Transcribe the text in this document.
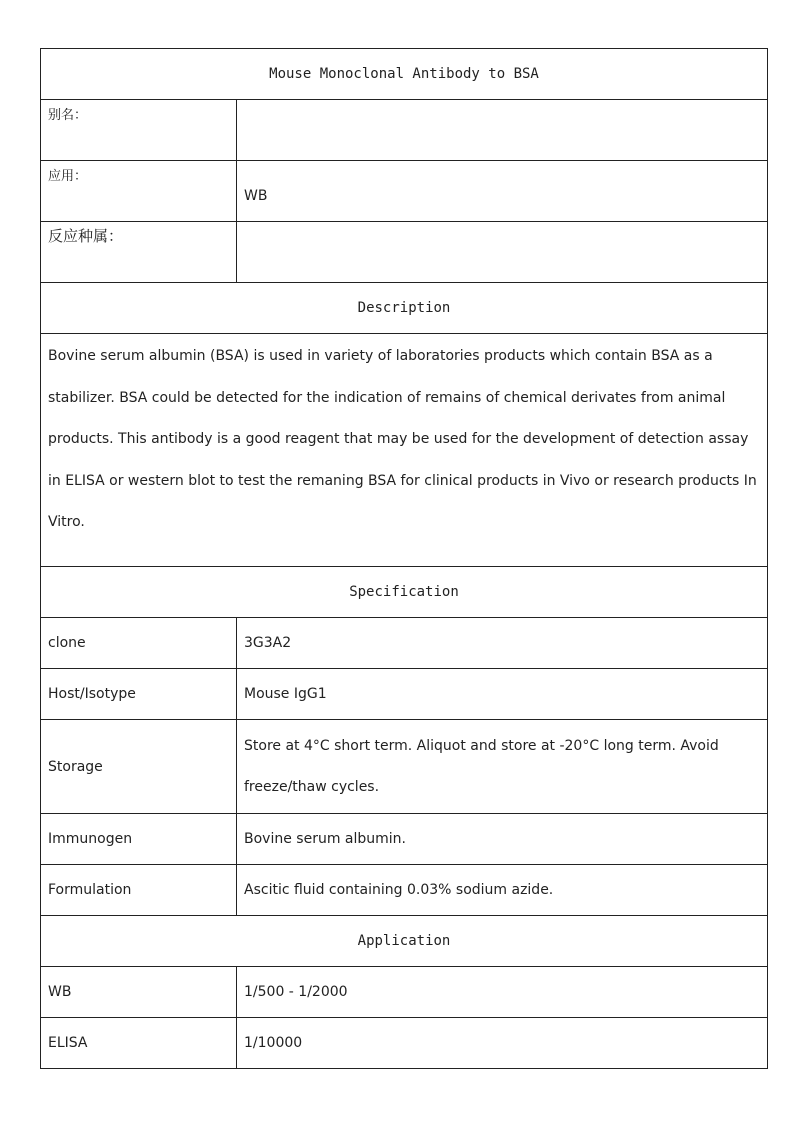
Mouse Monoclonal Antibody to BSA	
别名：	
应用：	WB
反应种属：	
Description	

Bovine serum albumin (BSA) is used in variety of laboratories products which contain BSA as a stabilizer. BSA could be detected for the indication of remains of chemical derivates from animal products. This antibody is a good reagent that may be used for the development of detection assay in ELISA or western blot to test the remaning BSA for clinical products in Vivo or research products In Vitro.	

Specification	
clone	3G3A2
Host/Isotype	Mouse IgG1
Storage	Store at 4°C short term. Aliquot and store at -20°C long term. Avoid freeze/thaw cycles.
Immunogen	Bovine serum albumin.
Formulation	Ascitic fluid containing 0.03% sodium azide.
Application	
WB	1/500 - 1/2000
ELISA	1/10000
